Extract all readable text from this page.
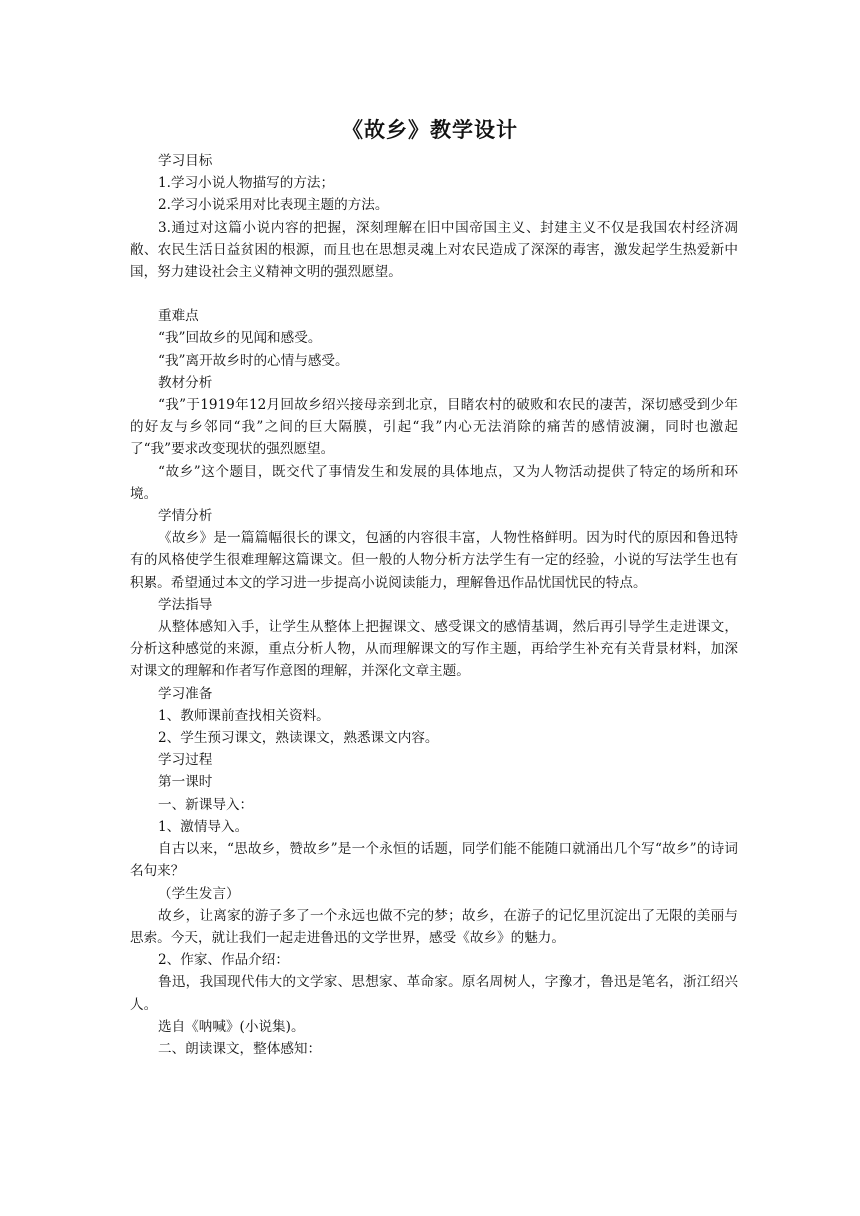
《故乡》教学设计

学习目标

1.学习小说人物描写的方法；

2.学习小说采用对比表现主题的方法。

3.通过对这篇小说内容的把握，深刻理解在旧中国帝国主义、封建主义不仅是我国农村经济凋敝、农民生活日益贫困的根源，而且也在思想灵魂上对农民造成了深深的毒害，激发起学生热爱新中国，努力建设社会主义精神文明的强烈愿望。

重难点

“我”回故乡的见闻和感受。

“我”离开故乡时的心情与感受。

教材分析

“我”于1919年12月回故乡绍兴接母亲到北京，目睹农村的破败和农民的凄苦，深切感受到少年的好友与乡邻同“我”之间的巨大隔膜，引起“我”内心无法消除的痛苦的感情波澜，同时也激起了“我”要求改变现状的强烈愿望。

“故乡”这个题目，既交代了事情发生和发展的具体地点，又为人物活动提供了特定的场所和环境。

学情分析

《故乡》是一篇篇幅很长的课文，包涵的内容很丰富，人物性格鲜明。因为时代的原因和鲁迅特有的风格使学生很难理解这篇课文。但一般的人物分析方法学生有一定的经验，小说的写法学生也有积累。希望通过本文的学习进一步提高小说阅读能力，理解鲁迅作品忧国忧民的特点。

学法指导

从整体感知入手，让学生从整体上把握课文、感受课文的感情基调，然后再引导学生走进课文，分析这种感觉的来源，重点分析人物，从而理解课文的写作主题，再给学生补充有关背景材料，加深对课文的理解和作者写作意图的理解，并深化文章主题。

学习准备

1、教师课前查找相关资料。

2、学生预习课文，熟读课文，熟悉课文内容。

学习过程

第一课时

一、新课导入：

1、激情导入。

自古以来，“思故乡，赞故乡”是一个永恒的话题，同学们能不能随口就涌出几个写“故乡”的诗词名句来？

（学生发言）

故乡，让离家的游子多了一个永远也做不完的梦；故乡，在游子的记忆里沉淀出了无限的美丽与思索。今天，就让我们一起走进鲁迅的文学世界，感受《故乡》的魅力。

2、作家、作品介绍：

鲁迅，我国现代伟大的文学家、思想家、革命家。原名周树人，字豫才，鲁迅是笔名，浙江绍兴人。

选自《呐喊》(小说集)。

二、朗读课文，整体感知：
